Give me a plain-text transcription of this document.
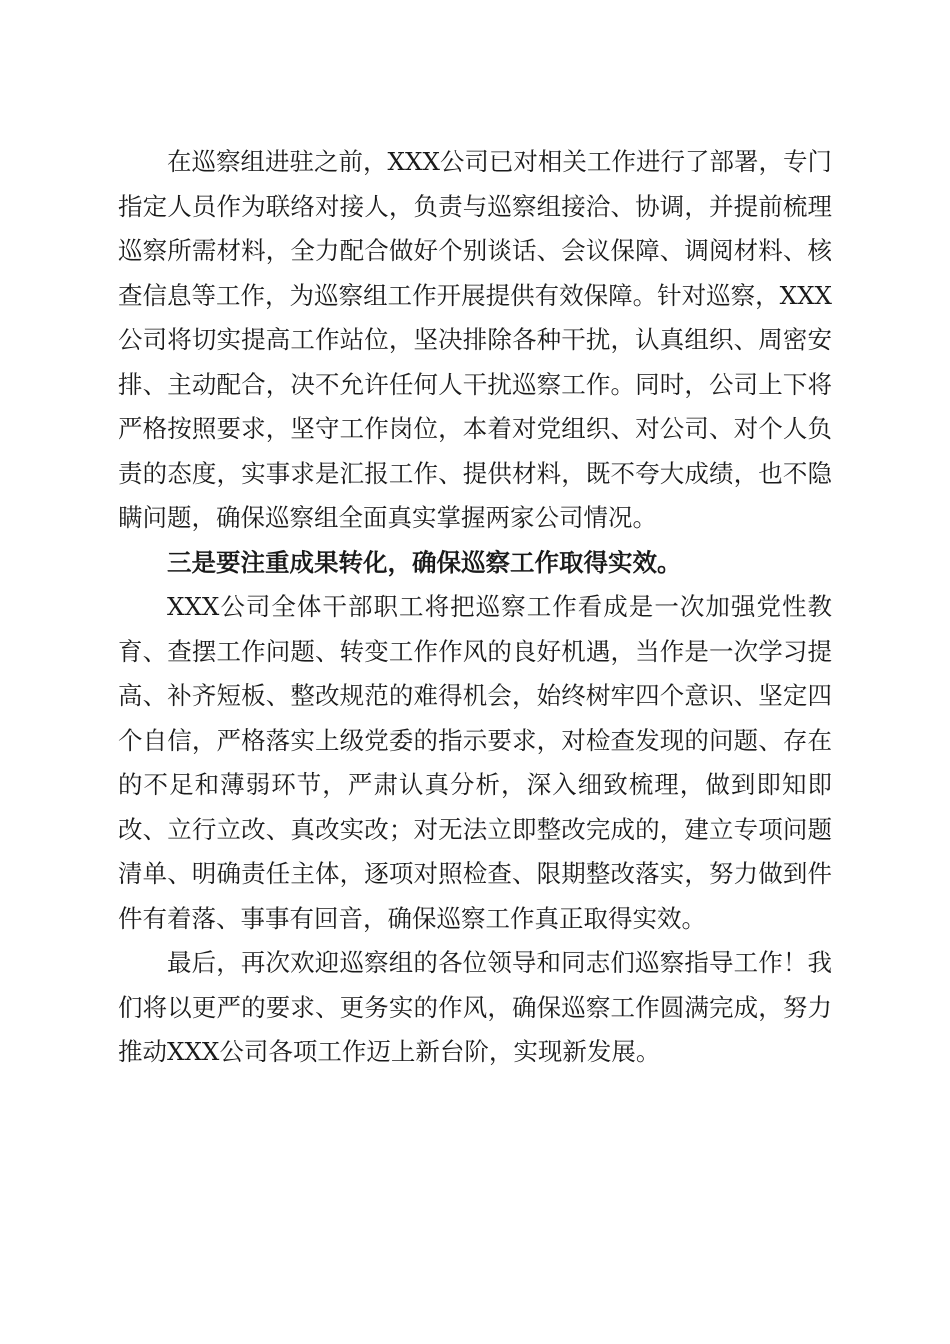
在巡察组进驻之前，XXX公司已对相关工作进行了部署，专门指定人员作为联络对接人，负责与巡察组接洽、协调，并提前梳理巡察所需材料，全力配合做好个别谈话、会议保障、调阅材料、核查信息等工作，为巡察组工作开展提供有效保障。针对巡察，XXX公司将切实提高工作站位，坚决排除各种干扰，认真组织、周密安排、主动配合，决不允许任何人干扰巡察工作。同时，公司上下将严格按照要求，坚守工作岗位，本着对党组织、对公司、对个人负责的态度，实事求是汇报工作、提供材料，既不夸大成绩，也不隐瞒问题，确保巡察组全面真实掌握两家公司情况。

三是要注重成果转化，确保巡察工作取得实效。

XXX公司全体干部职工将把巡察工作看成是一次加强党性教育、查摆工作问题、转变工作作风的良好机遇，当作是一次学习提高、补齐短板、整改规范的难得机会，始终树牢四个意识、坚定四个自信，严格落实上级党委的指示要求，对检查发现的问题、存在的不足和薄弱环节，严肃认真分析，深入细致梳理，做到即知即改、立行立改、真改实改；对无法立即整改完成的，建立专项问题清单、明确责任主体，逐项对照检查、限期整改落实，努力做到件件有着落、事事有回音，确保巡察工作真正取得实效。

最后，再次欢迎巡察组的各位领导和同志们巡察指导工作！我们将以更严的要求、更务实的作风，确保巡察工作圆满完成，努力推动XXX公司各项工作迈上新台阶，实现新发展。
